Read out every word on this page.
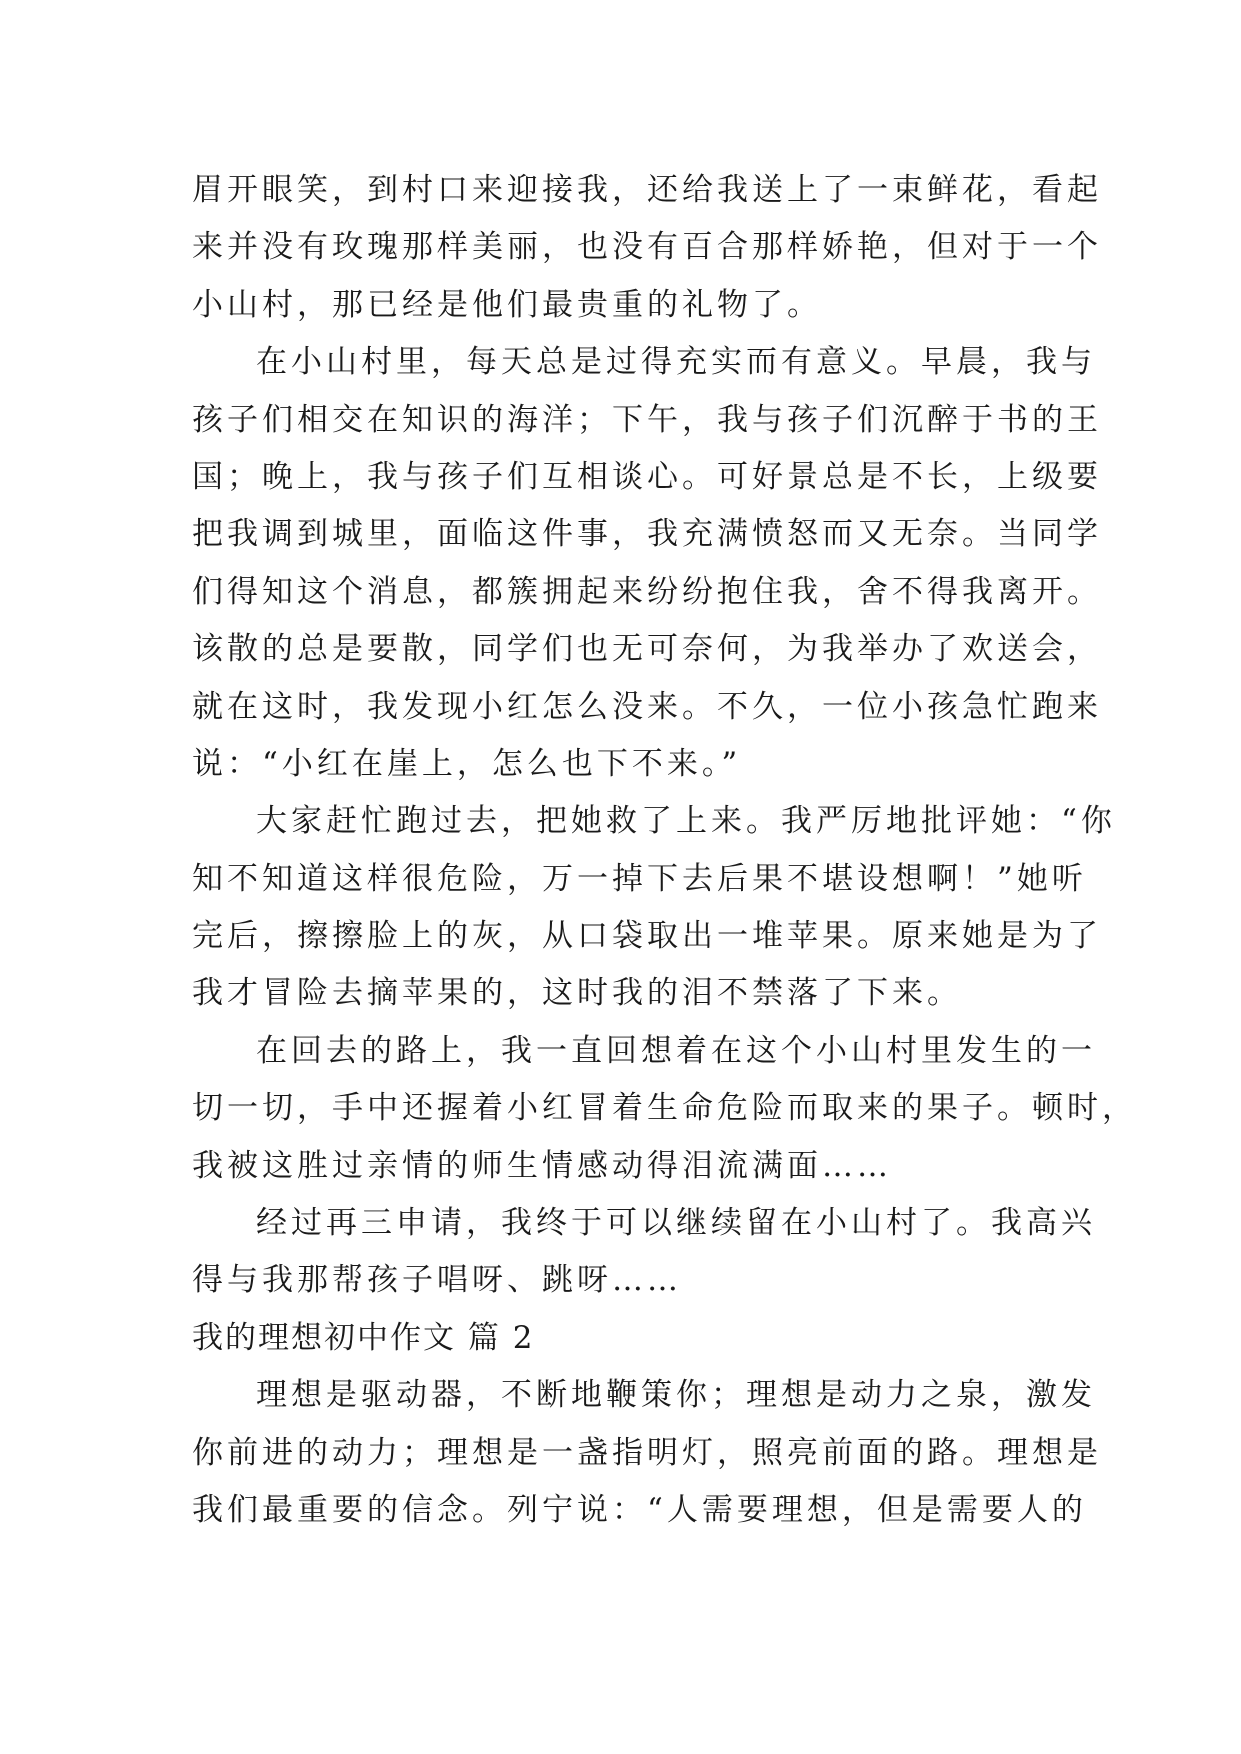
眉开眼笑，到村口来迎接我，还给我送上了一束鲜花，看起
来并没有玫瑰那样美丽，也没有百合那样娇艳，但对于一个
小山村，那已经是他们最贵重的礼物了。
在小山村里，每天总是过得充实而有意义。早晨，我与
孩子们相交在知识的海洋；下午，我与孩子们沉醉于书的王
国；晚上，我与孩子们互相谈心。可好景总是不长，上级要
把我调到城里，面临这件事，我充满愤怒而又无奈。当同学
们得知这个消息，都簇拥起来纷纷抱住我，舍不得我离开。
该散的总是要散，同学们也无可奈何，为我举办了欢送会，
就在这时，我发现小红怎么没来。不久，一位小孩急忙跑来
说：“小红在崖上，怎么也下不来。”
大家赶忙跑过去，把她救了上来。我严厉地批评她：“你
知不知道这样很危险，万一掉下去后果不堪设想啊！”她听
完后，擦擦脸上的灰，从口袋取出一堆苹果。原来她是为了
我才冒险去摘苹果的，这时我的泪不禁落了下来。
在回去的路上，我一直回想着在这个小山村里发生的一
切一切，手中还握着小红冒着生命危险而取来的果子。顿时，
我被这胜过亲情的师生情感动得泪流满面……
经过再三申请，我终于可以继续留在小山村了。我高兴
得与我那帮孩子唱呀、跳呀……
我的理想初中作文 篇 2
理想是驱动器，不断地鞭策你；理想是动力之泉，激发
你前进的动力；理想是一盏指明灯，照亮前面的路。理想是
我们最重要的信念。列宁说：“人需要理想，但是需要人的
